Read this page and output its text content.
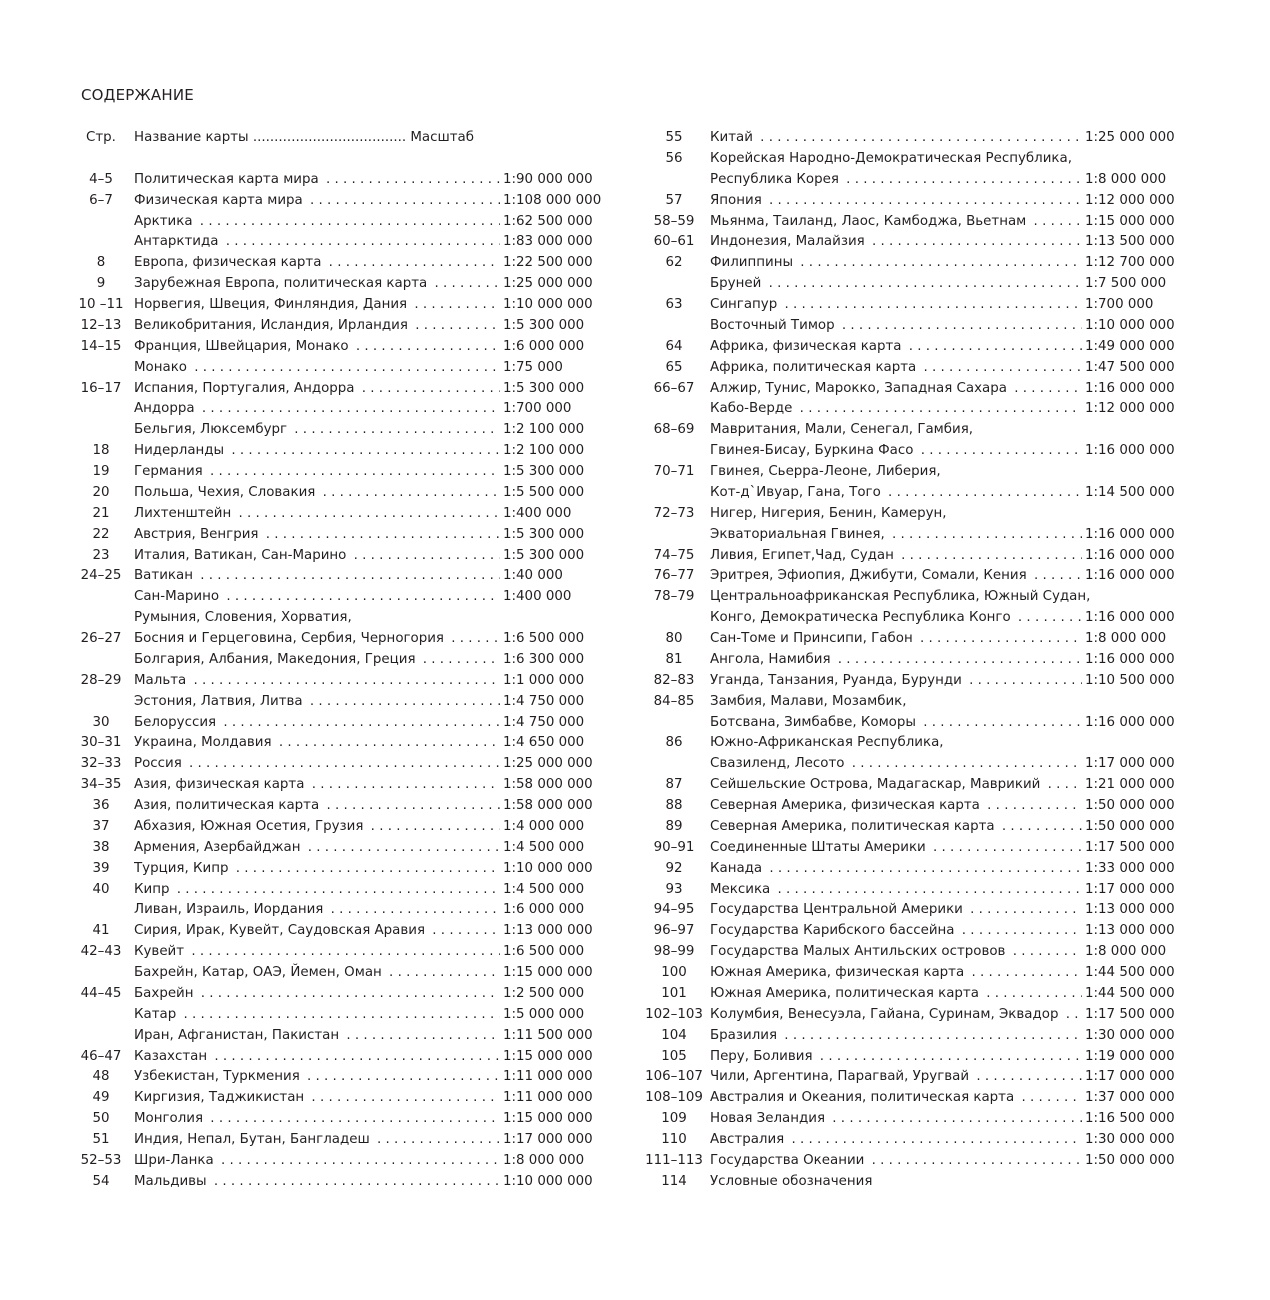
СОДЕРЖАНИЕ
Стр.	Название карты .................................... Масштаб
4–5	Политическая карта мира . . .	1:90 000 000
6–7	Физическая карта мира . . .	1:108 000 000
Арктика . . .	1:62 500 000
Антарктида . . .	1:83 000 000
8	Европа, физическая карта . . .	1:22 500 000
9	Зарубежная Европа, политическая карта . . .	1:25 000 000
10 –11 Норвегия, Швеция, Финляндия, Дания . . .	1:10 000 000
12–13 Великобритания, Исландия, Ирландия . . .	1:5 300 000
14–15 Франция, Швейцария, Монако . . .	1:6 000 000
Монако . . .	1:75 000
16–17 Испания, Португалия, Андорра . . .	1:5 300 000
Андорра . . .	1:700 000
Бельгия, Люксембург . . .	1:2 100 000
18	Нидерланды . . .	1:2 100 000
19	Германия . . .	1:5 300 000
20	Польша, Чехия, Словакия . . .	1:5 500 000
21	Лихтенштейн . . .	1:400 000
22	Австрия, Венгрия . . .	1:5 300 000
23	Италия, Ватикан, Сан-Марино . . .	1:5 300 000
24–25 Ватикан . . .	1:40 000
Сан-Марино . . .	1:400 000
Румыния, Словения, Хорватия,
26–27 Босния и Герцеговина, Сербия, Черногория . . .	1:6 500 000
Болгария, Албания, Македония, Греция . . .	1:6 300 000
28–29 Мальта . . .	1:1 000 000
Эстония, Латвия, Литва . . .	1:4 750 000
30	Белоруссия . . .	1:4 750 000
30–31 Украина, Молдавия . . .	1:4 650 000
32–33 Россия . . .	1:25 000 000
34–35 Азия, физическая карта . . .	1:58 000 000
36	Азия, политическая карта . . .	1:58 000 000
37	Абхазия, Южная Осетия, Грузия . . .	1:4 000 000
38	Армения, Азербайджан . . .	1:4 500 000
39	Турция, Кипр . . .	1:10 000 000
40	Кипр . . .	1:4 500 000
Ливан, Израиль, Иордания . . .	1:6 000 000
41	Сирия, Ирак, Кувейт, Саудовская Аравия . . .	1:13 000 000
42–43 Кувейт . . .	1:6 500 000
Бахрейн, Катар, ОАЭ, Йемен, Оман . . .	1:15 000 000
44–45 Бахрейн . . .	1:2 500 000
Катар . . .	1:5 000 000
Иран, Афганистан, Пакистан . . .	1:11 500 000
46–47 Казахстан . . .	1:15 000 000
48	Узбекистан, Туркмения . . .	1:11 000 000
49	Киргизия, Таджикистан . . .	1:11 000 000
50	Монголия . . .	1:15 000 000
51	Индия, Непал, Бутан, Бангладеш . . .	1:17 000 000
52–53 Шри-Ланка . . .	1:8 000 000
54	Мальдивы . . .	1:10 000 000
55	Китай . . .	1:25 000 000
56	Корейская Народно-Демократическая Республика,
Республика Корея . . .	1:8 000 000
57	Япония . . .	1:12 000 000
58–59	Мьянма, Таиланд, Лаос, Камбоджа, Вьетнам . . .	1:15 000 000
60–61	Индонезия, Малайзия . . .	1:13 500 000
62	Филиппины . . .	1:12 700 000
Бруней . . .	1:7 500 000
63	Сингапур . . .	1:700 000
Восточный Тимор . . .	1:10 000 000
64	Африка, физическая карта . . .	1:49 000 000
65	Африка, политическая карта . . .	1:47 500 000
66–67	Алжир, Тунис, Марокко, Западная Сахара . . .	1:16 000 000
Кабо-Верде . . .	1:12 000 000
68–69	Мавритания, Мали, Сенегал, Гамбия,
Гвинея-Бисау, Буркина Фасо . . .	1:16 000 000
70–71	Гвинея, Сьерра-Леоне, Либерия,
Кот-д`Ивуар, Гана, Того . . .	1:14 500 000
72–73	Нигер, Нигерия, Бенин, Камерун,
Экваториальная Гвинея, . . .	1:16 000 000
74–75	Ливия, Египет,Чад, Судан . . .	1:16 000 000
76–77	Эритрея, Эфиопия, Джибути, Сомали, Кения . . .	1:16 000 000
78–79	Центральноафриканская Республика, Южный Судан,
Конго, Демократическа Республика Конго . . .	1:16 000 000
80	Сан-Томе и Принсипи, Габон . . .	1:8 000 000
81	Ангола, Намибия . . .	1:16 000 000
82–83	Уганда, Танзания, Руанда, Бурунди . . .	1:10 500 000
84–85	Замбия, Малави, Мозамбик,
Ботсвана, Зимбабве, Коморы . . .	1:16 000 000
86	Южно-Африканская Республика,
Свазиленд, Лесото . . .	1:17 000 000
87	Сейшельские Острова, Мадагаскар, Маврикий . . .	1:21 000 000
88	Северная Америка, физическая карта . . .	1:50 000 000
89	Северная Америка, политическая карта . . .	1:50 000 000
90–91	Соединенные Штаты Америки . . .	1:17 500 000
92	Канада . . .	1:33 000 000
93	Мексика . . .	1:17 000 000
94–95	Государства Центральной Америки . . .	1:13 000 000
96–97	Государства Карибского бассейна . . .	1:13 000 000
98–99	Государства Малых Антильских островов . . .	1:8 000 000
100	Южная Америка, физическая карта . . .	1:44 500 000
101	Южная Америка, политическая карта . . .	1:44 500 000
102–103 Колумбия, Венесуэла, Гайана, Суринам, Эквадор . . .	1:17 500 000
104	Бразилия . . .	1:30 000 000
105	Перу, Боливия . . .	1:19 000 000
106–107 Чили, Аргентина, Парагвай, Уругвай . . .	1:17 000 000
108–109 Австралия и Океания, политическая карта . . .	1:37 000 000
109	Новая Зеландия . . .	1:16 500 000
110	Австралия . . .	1:30 000 000
111–113 Государства Океании . . .	1:50 000 000
114	Условные обозначения
